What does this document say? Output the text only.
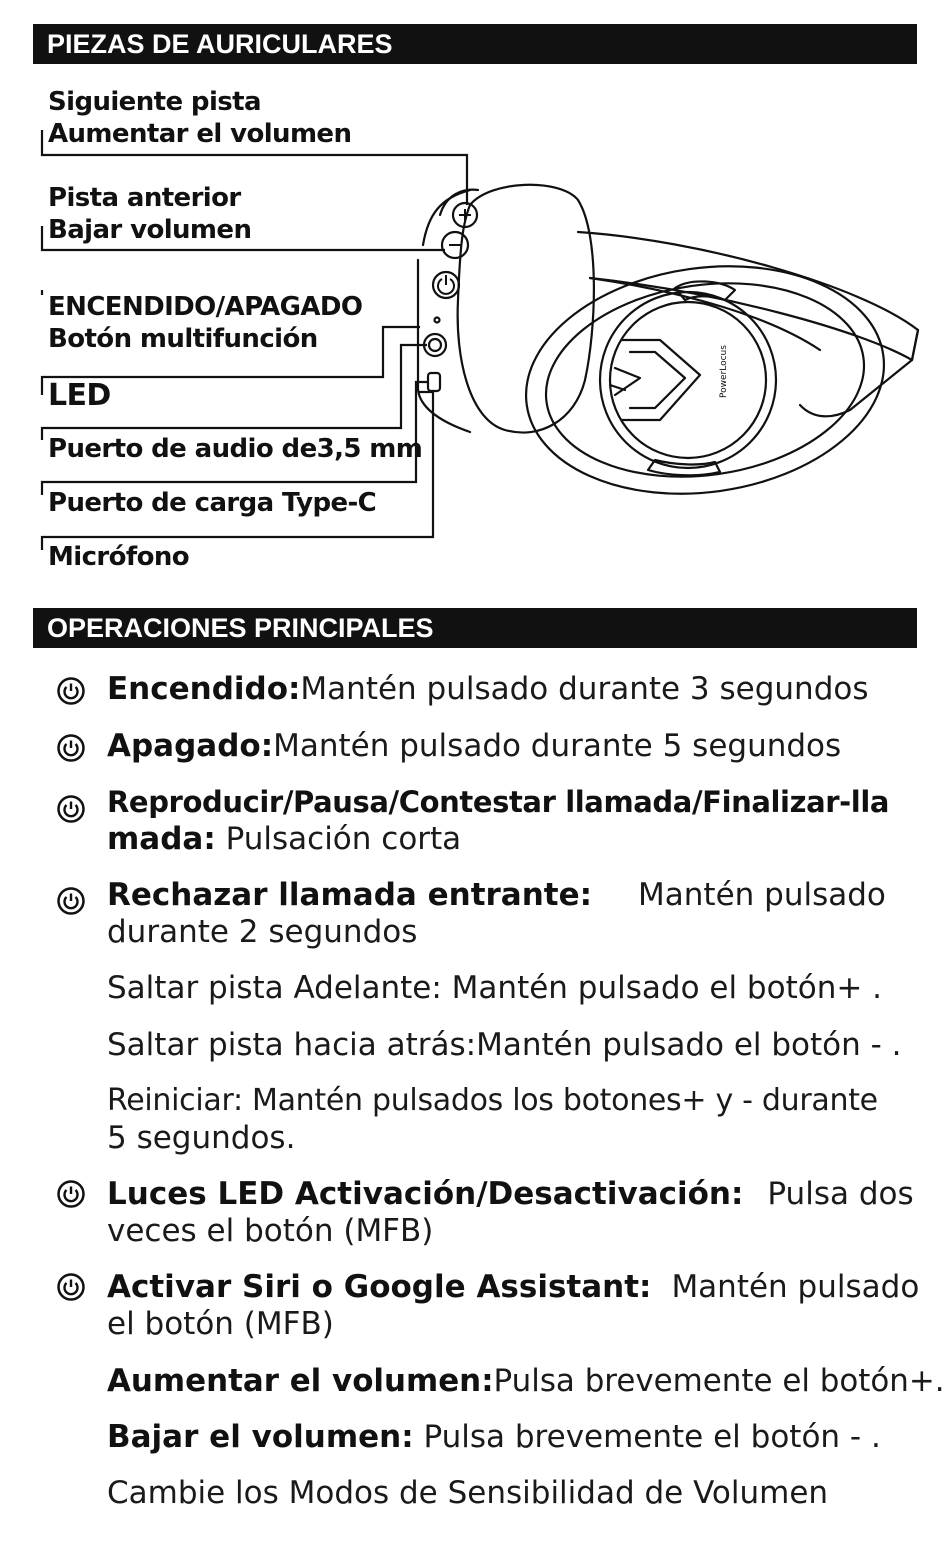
PIEZAS DE AURICULARES
Siguiente pista
Aumentar el volumen
Pista anterior
Bajar volumen
ENCENDIDO/APAGADO
Botón multifunción
LED
Puerto de audio de3,5 mm
Puerto de carga Type-C
Micrófono
PowerLocus
OPERACIONES PRINCIPALES
Encendido:Mantén pulsado durante 3 segundos
Apagado:Mantén pulsado durante 5 segundos
Reproducir/Pausa/Contestar llamada/Finalizar-lla
mada: Pulsación corta
Rechazar llamada entrante: Mantén pulsado
durante 2 segundos
Saltar pista Adelante: Mantén pulsado el botón+ .
Saltar pista hacia atrás:Mantén pulsado el botón - .
Reiniciar: Mantén pulsados los botones+ y - durante
5 segundos.
Luces LED Activación/Desactivación: Pulsa dos
veces el botón (MFB)
Activar Siri o Google Assistant: Mantén pulsado
el botón (MFB)
Aumentar el volumen:Pulsa brevemente el botón+.
Bajar el volumen: Pulsa brevemente el botón - .
Cambie los Modos de Sensibilidad de Volumen
